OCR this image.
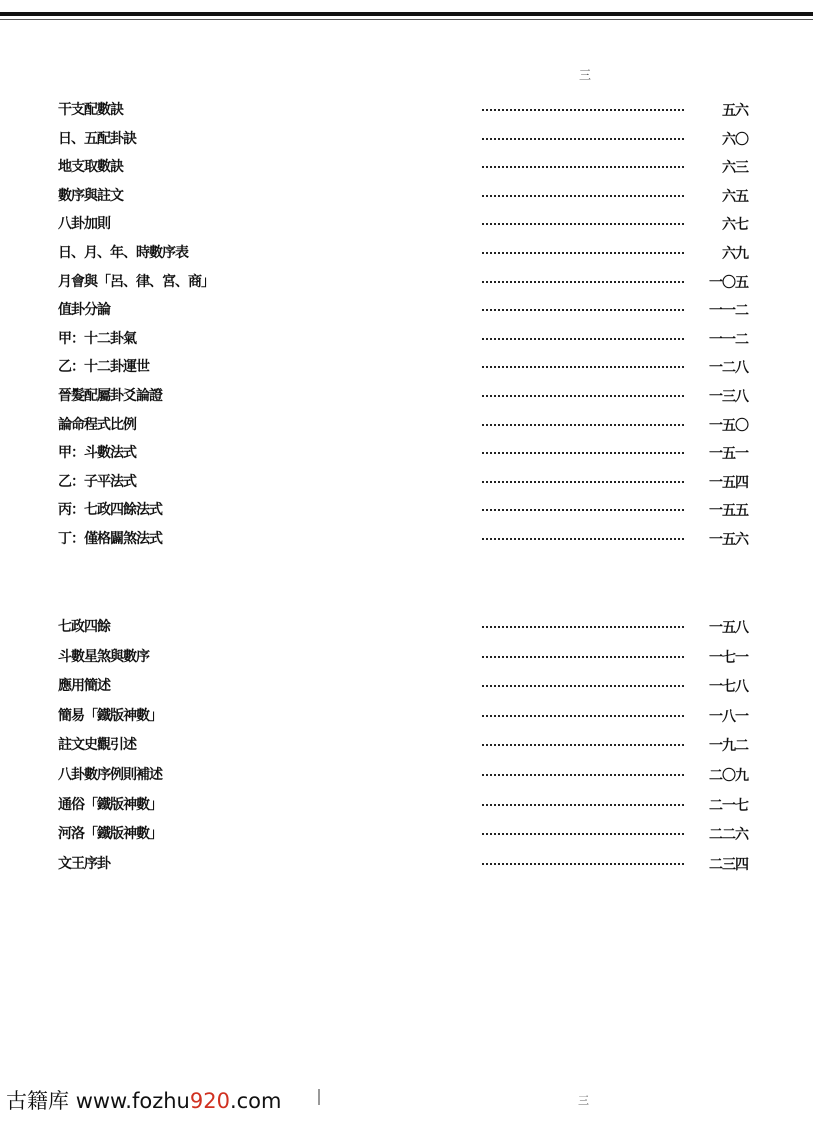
三
干支配數訣	五六
日、五配卦訣	六〇
地支取數訣	六三
數序與註文	六五
八卦加則	六七
日、月、年、時數序表	六九
月會與「呂、律、宮、商」	一〇五
值卦分論	一一二
甲：十二卦氣	一一二
乙：十二卦運世	一二八
晉髮配屬卦爻論證	一三八
論命程式比例	一五〇
甲：斗數法式	一五一
乙：子平法式	一五四
丙：七政四餘法式	一五五
丁：僅格闢煞法式	一五六
七政四餘	一五八
斗數星煞與數序	一七一
應用簡述	一七八
簡易「鐵版神數」	一八一
註文史觀引述	一九二
八卦數序例則補述	二〇九
通俗「鐵版神數」	二一七
河洛「鐵版神數」	二二六
文王序卦	二三四
古籍库 www.fozhu920.com	三
